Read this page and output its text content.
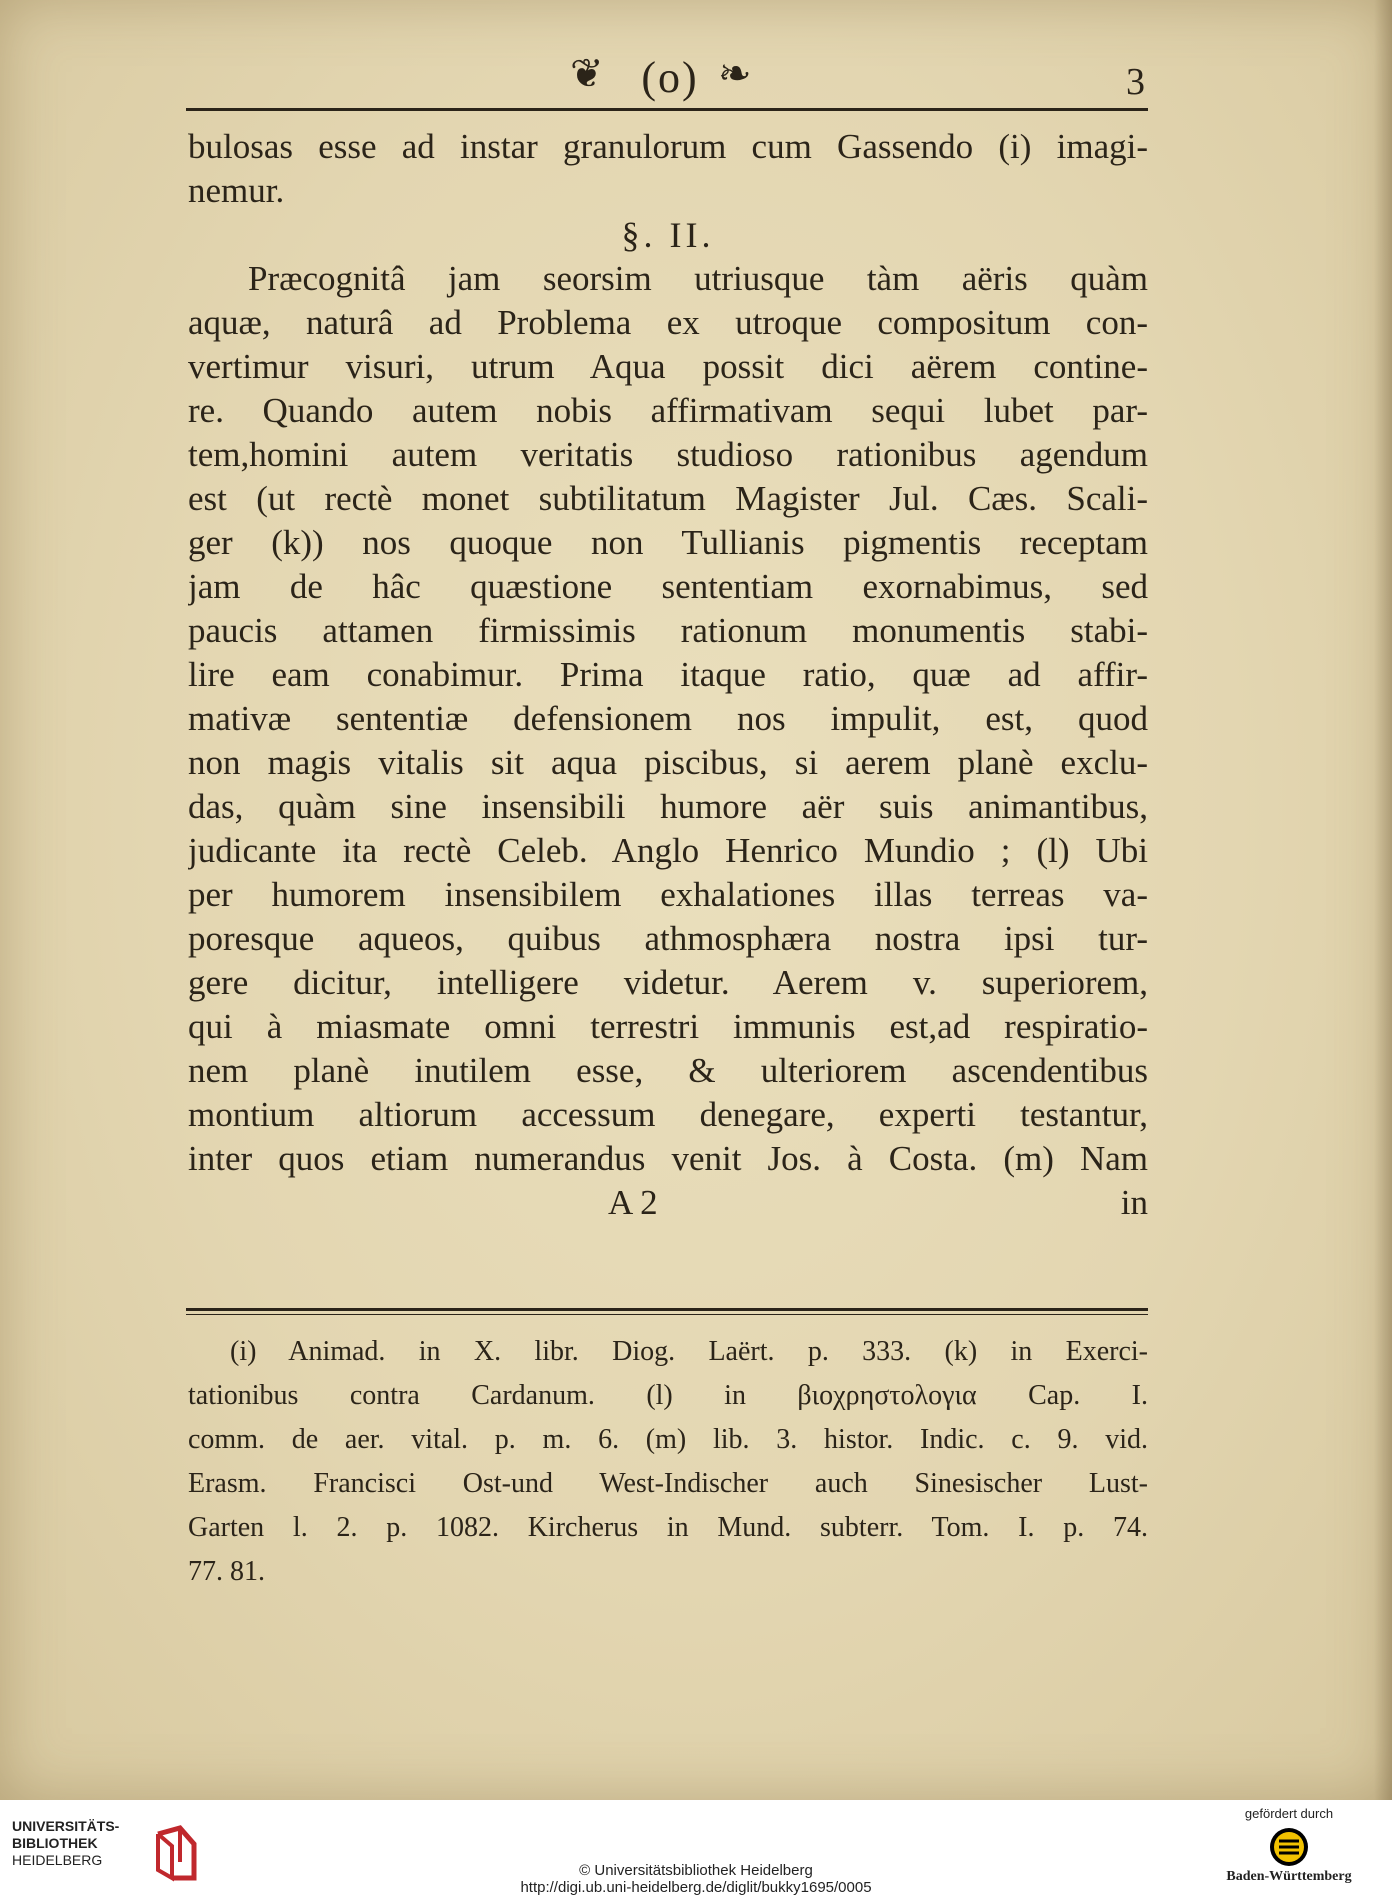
❦ (o) ❧	3
bulosas esse ad instar granulorum cum Gassendo (i) imagi-
nemur.
§. II.
Præcognitâ jam seorsim utriusque tàm aëris quàm
aquæ, naturâ ad Problema ex utroque compositum con-
vertimur visuri, utrum Aqua possit dici aërem contine-
re. Quando autem nobis affirmativam sequi lubet par-
tem,homini autem veritatis studioso rationibus agendum
est (ut rectè monet subtilitatum Magister Jul. Cæs. Scali-
ger (k)) nos quoque non Tullianis pigmentis receptam
jam de hâc quæstione sententiam exornabimus, sed
paucis attamen firmissimis rationum monumentis stabi-
lire eam conabimur. Prima itaque ratio, quæ ad affir-
mativæ sententiæ defensionem nos impulit, est, quod
non magis vitalis sit aqua piscibus, si aerem planè exclu-
das, quàm sine insensibili humore aër suis animantibus,
judicante ita rectè Celeb. Anglo Henrico Mundio ; (l) Ubi
per humorem insensibilem exhalationes illas terreas va-
poresque aqueos, quibus athmosphæra nostra ipsi tur-
gere dicitur, intelligere videtur. Aerem v. superiorem,
qui à miasmate omni terrestri immunis est,ad respiratio-
nem planè inutilem esse, & ulteriorem ascendentibus
montium altiorum accessum denegare, experti testantur,
inter quos etiam numerandus venit Jos. à Costa. (m) Nam
A 2	in
(i) Animad. in X. libr. Diog. Laërt. p. 333. (k) in Exerci-
tationibus contra Cardanum. (l) in βιοχρηστολογια Cap. I.
comm. de aer. vital. p. m. 6. (m) lib. 3. histor. Indic. c. 9. vid.
Erasm. Francisci Ost-und West-Indischer auch Sinesischer Lust-
Garten l. 2. p. 1082. Kircherus in Mund. subterr. Tom. I. p. 74.
77. 81.
UNIVERSITÄTS-
BIBLIOTHEK
HEIDELBERG
© Universitätsbibliothek Heidelberg
http://digi.ub.uni-heidelberg.de/diglit/bukky1695/0005
gefördert durch
Baden-Württemberg
